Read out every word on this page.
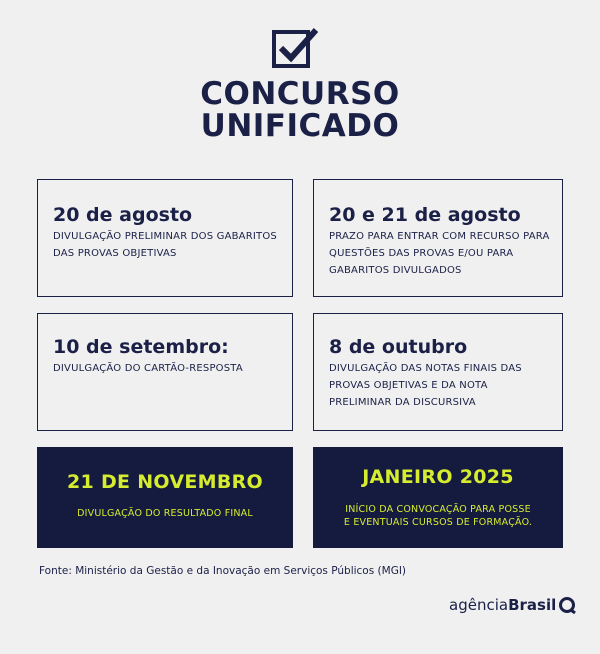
CONCURSO
UNIFICADO
20 de agosto
DIVULGAÇÃO PRELIMINAR DOS GABARITOS DAS PROVAS OBJETIVAS
20 e 21 de agosto
PRAZO PARA ENTRAR COM RECURSO PARA QUESTÕES DAS PROVAS E/OU PARA GABARITOS DIVULGADOS
10 de setembro:
DIVULGAÇÃO DO CARTÃO-RESPOSTA
8 de outubro
DIVULGAÇÃO DAS NOTAS FINAIS DAS PROVAS OBJETIVAS E DA NOTA PRELIMINAR DA DISCURSIVA
21 DE NOVEMBRO
DIVULGAÇÃO DO RESULTADO FINAL
JANEIRO 2025
INÍCIO DA CONVOCAÇÃO PARA POSSE E EVENTUAIS CURSOS DE FORMAÇÃO.
Fonte: Ministério da Gestão e da Inovação em Serviços Públicos (MGI)
agência Brasil
